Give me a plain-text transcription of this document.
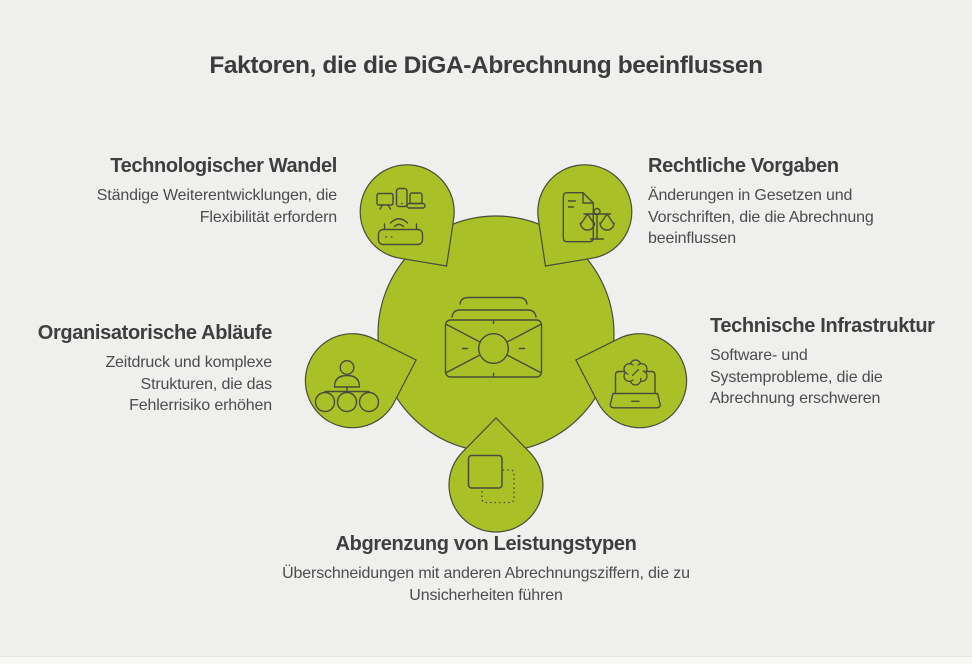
Faktoren, die die DiGA-Abrechnung beeinflussen
Technologischer Wandel

Ständige Weiterentwicklungen, die Flexibilität erfordern

Rechtliche Vorgaben

Änderungen in Gesetzen und Vorschriften, die die Abrechnung beeinflussen

Organisatorische Abläufe

Zeitdruck und komplexe Strukturen, die das Fehlerrisiko erhöhen

Technische Infrastruktur

Software- und Systemprobleme, die die Abrechnung erschweren

Abgrenzung von Leistungstypen

Überschneidungen mit anderen Abrechnungsziffern, die zu Unsicherheiten führen
